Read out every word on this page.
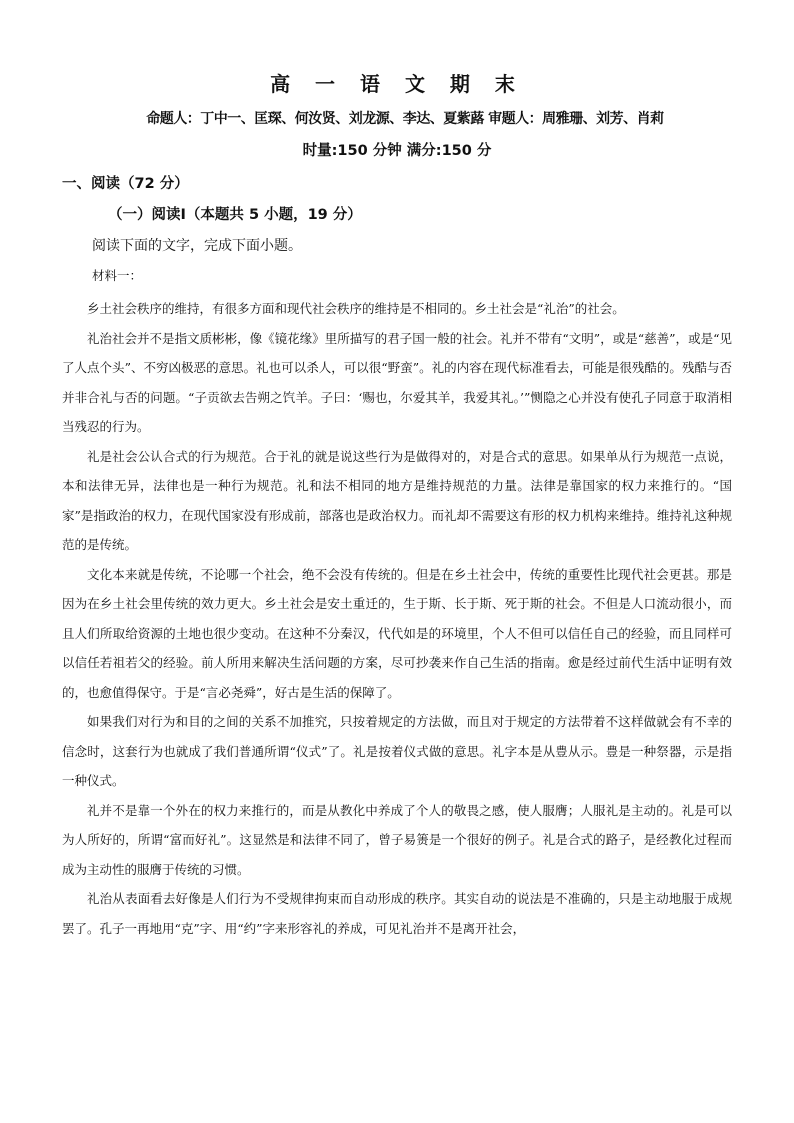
高 一 语 文 期 末
命题人：丁中一、匡琛、何汝贤、刘龙源、李达、夏紫蕗 审题人：周雅珊、刘芳、肖莉
时量:150 分钟 满分:150 分
一、阅读（72 分）
（一）阅读Ⅰ（本题共 5 小题，19 分）
阅读下面的文字，完成下面小题。
材料一：

乡土社会秩序的维持，有很多方面和现代社会秩序的维持是不相同的。乡土社会是“礼治”的社会。

礼治社会并不是指文质彬彬，像《镜花缘》里所描写的君子国一般的社会。礼并不带有“文明”，或是“慈善”，或是“见了人点个头”、不穷凶极恶的意思。礼也可以杀人，可以很“野蛮”。礼的内容在现代标准看去，可能是很残酷的。残酷与否并非合礼与否的问题。“子贡欲去告朔之饩羊。子曰：‘赐也，尔爱其羊，我爱其礼。’”恻隐之心并没有使孔子同意于取消相当残忍的行为。

礼是社会公认合式的行为规范。合于礼的就是说这些行为是做得对的，对是合式的意思。如果单从行为规范一点说，本和法律无异，法律也是一种行为规范。礼和法不相同的地方是维持规范的力量。法律是靠国家的权力来推行的。“国家”是指政治的权力，在现代国家没有形成前，部落也是政治权力。而礼却不需要这有形的权力机构来维持。维持礼这种规范的是传统。

文化本来就是传统，不论哪一个社会，绝不会没有传统的。但是在乡土社会中，传统的重要性比现代社会更甚。那是因为在乡土社会里传统的效力更大。乡土社会是安土重迁的，生于斯、长于斯、死于斯的社会。不但是人口流动很小，而且人们所取给资源的土地也很少变动。在这种不分秦汉，代代如是的环境里，个人不但可以信任自己的经验，而且同样可以信任若祖若父的经验。前人所用来解决生活问题的方案，尽可抄袭来作自己生活的指南。愈是经过前代生活中证明有效的，也愈值得保守。于是“言必尧舜”，好古是生活的保障了。

如果我们对行为和目的之间的关系不加推究，只按着规定的方法做，而且对于规定的方法带着不这样做就会有不幸的信念时，这套行为也就成了我们普通所谓“仪式”了。礼是按着仪式做的意思。礼字本是从豊从示。豊是一种祭器，示是指一种仪式。

礼并不是靠一个外在的权力来推行的，而是从教化中养成了个人的敬畏之感，使人服膺；人服礼是主动的。礼是可以为人所好的，所谓“富而好礼”。这显然是和法律不同了，曾子易箦是一个很好的例子。礼是合式的路子，是经教化过程而成为主动性的服膺于传统的习惯。

礼治从表面看去好像是人们行为不受规律拘束而自动形成的秩序。其实自动的说法是不准确的，只是主动地服于成规罢了。孔子一再地用“克”字、用“约”字来形容礼的养成，可见礼治并不是离开社会，
